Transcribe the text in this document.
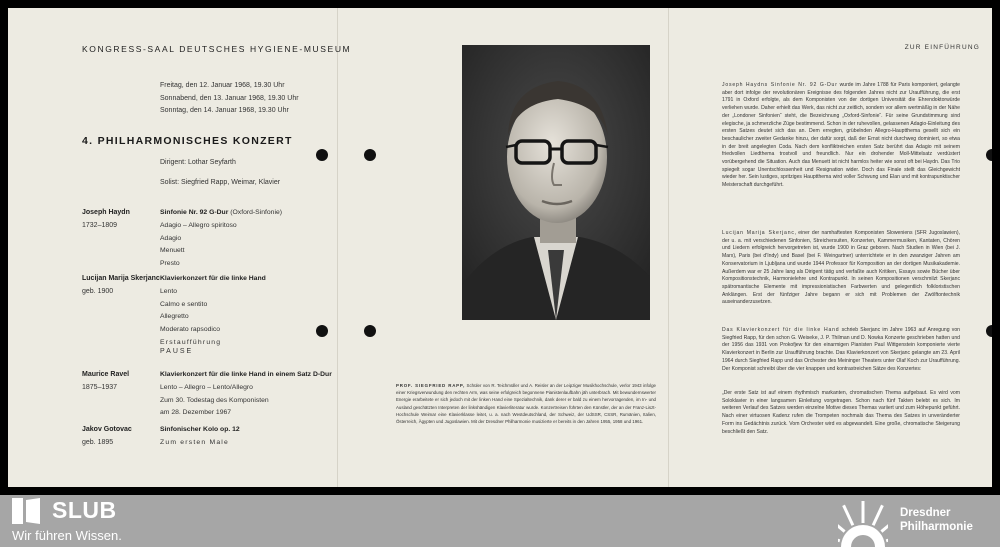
KONGRESS-SAAL DEUTSCHES HYGIENE-MUSEUM
Freitag, den 12. Januar 1968, 19.30 Uhr
Sonnabend, den 13. Januar 1968, 19.30 Uhr
Sonntag, den 14. Januar 1968, 19.30 Uhr
4. PHILHARMONISCHES KONZERT
Dirigent: Lothar Seyfarth
Solist: Siegfried Rapp, Weimar, Klavier
Joseph Haydn
1732–1809
Sinfonie Nr. 92 G-Dur (Oxford-Sinfonie)
Adagio – Allegro spiritoso
Adagio
Menuett
Presto
Lucijan Marija Skerjanc
geb. 1900
Klavierkonzert für die linke Hand
Lento
Calmo e sentito
Allegretto
Moderato rapsodico
Erstaufführung
PAUSE
Maurice Ravel
1875–1937
Klavierkonzert für die linke Hand in einem Satz D-Dur
Lento – Allegro – Lento/Allegro
Zum 30. Todestag des Komponisten
am 28. Dezember 1967
Jakov Gotovac
geb. 1895
Sinfonischer Kolo op. 12
Zum ersten Male
PROF. SIEGFRIED RAPP, Schüler von R. Teichmüller und A. Reisler an der Leipziger Musikhochschule, verlor 1943 infolge einer Kriegsverwundung den rechten Arm, was seine erfolgreich begonnene Pianistenlaufbahn jäh unterbrach. Mit bewundernswerter Energie erarbeitete er sich jedoch mit der linken Hand eine Spezialtechnik, dank derer er bald zu einem hervorragenden, im In- und Ausland geschätzten Interpreten der linkshändigen Klavierliteratur wurde. Konzertreisen führten den Künstler, der an der Franz-Liszt-Hochschule Weimar eine Klavierklasse leitet, u. a. nach Westdeutschland, der Schweiz, der UdSSR, CSSR, Rumänien, Italien, Österreich, Ägypten und Jugoslawien. Mit der Dresdner Philharmonie musizierte er bereits in den Jahren 1955, 1958 und 1961.
ZUR EINFÜHRUNG
Joseph Haydns Sinfonie Nr. 92 G-Dur wurde im Jahre 1788 für Paris komponiert, gelangte aber dort infolge der revolutionären Ereignisse des folgenden Jahres nicht zur Uraufführung, die erst 1791 in Oxford erfolgte, als dem Komponisten von der dortigen Universität die Ehrendoktorwürde verliehen wurde. Daher erhielt das Werk, das nicht zur zeitlich, sondern vor allem wertmäßig in der Nähe der „Londoner Sinfonien“ steht, die Bezeichnung „Oxford-Sinfonie“. Für seine Grundstimmung sind elegische, ja schmerzliche Züge bestimmend. Schon in der ruhevollen, gelassenen Adagio-Einleitung des ersten Satzes deutet sich das an. Dem erregten, grübelnden Allegro-Hauptthema gesellt sich ein beschaulicher zweiter Gedanke hinzu, der dafür sorgt, daß der Ernst nicht durchweg dominiert, so etwa in der breit angelegten Coda. Nach dem konfliktreichen ersten Satz berührt das Adagio mit seinem friedvollen Liedthema trostvoll und freundlich. Nur ein drohender Moll-Mittelsatz verdüstert vorübergehend die Situation. Auch das Menuett ist nicht harmlos heiter wie sonst oft bei Haydn. Das Trio spiegelt sogar Unentschlossenheit und Resignation wider. Doch das Finale stellt das Gleichgewicht wieder her. Sein lustiges, spritziges Hauptthema wird voller Schwung und Elan und mit kontrapunktischer Meisterschaft durchgeführt.
Lucijan Marija Skerjanc, einer der namhaftesten Komponisten Sloweniens (SFR Jugoslawien), der u. a. mit verschiedenen Sinfonien, Streichersuiten, Konzerten, Kammermusiken, Kantaten, Chören und Liedern erfolgreich hervorgetreten ist, wurde 1900 in Graz geboren. Nach Studien in Wien (bei J. Marx), Paris (bei d'Indy) und Basel (bei F. Weingartner) unterrichtete er in den zwanziger Jahren am Konservatorium in Ljubljana und wurde 1944 Professor für Komposition an der dortigen Musikakademie. Außerdem war er 25 Jahre lang als Dirigent tätig und verfaßte auch Kritiken, Essays sowie Bücher über Kompositionstechnik, Harmonielehre und Kontrapunkt. In seinen Kompositionen verschmilzt Skerjanc spätromantische Elemente mit impressionistischen Farbwerten und gelegentlich folkloristischen Anklängen. Erst der fünfziger Jahre begann er sich mit Problemen der Zwölftontechnik auseinanderzusetzen.
Das Klavierkonzert für die linke Hand schrieb Skerjanc im Jahre 1963 auf Anregung von Siegfried Rapp, für den schon G. Weiseke, J. P. Thilman und D. Nowka Konzerte geschrieben hatten und der 1956 das 1931 von Prokofjew für den einarmigen Pianisten Paul Wittgenstein komponierte vierte Klavierkonzert in Berlin zur Uraufführung brachte. Das Klavierkonzert von Skerjanc gelangte am 23. April 1964 durch Siegfried Rapp und das Orchester des Meininger Theaters unter Olaf Koch zur Uraufführung. Der Komponist schreibt über die vier knappen und kontrastreichen Sätze des Konzertes:
„Der erste Satz ist auf einem rhythmisch markanten, chromatischen Thema aufgebaut. Es wird vom Soloklavier in einer langsamen Einleitung vorgetragen. Schon nach fünf Takten belebt es sich. Im weiteren Verlauf des Satzes werden einzelne Motive dieses Themas variiert und zum Höhepunkt geführt. Nach einer virtuosen Kadenz rufen die Trompeten nochmals das Thema des Satzes in unveränderter Form ins Gedächtnis zurück. Vom Orchester wird es abgewandelt. Eine große, chromatische Steigerung beschließt den Satz.
SLUB
Wir führen Wissen.
Dresdner Philharmonie
